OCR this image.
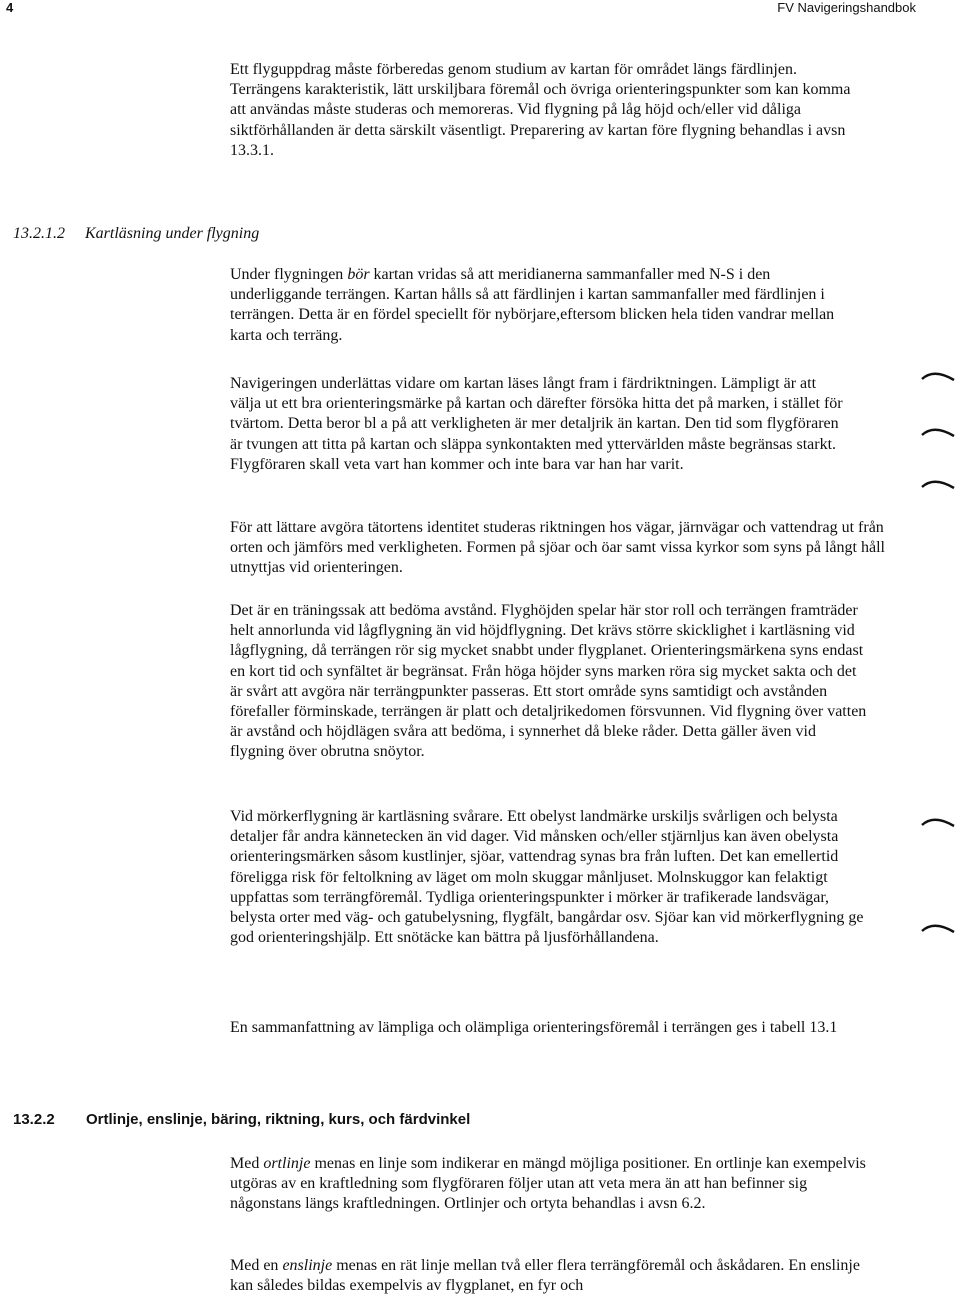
4	FV Navigeringshandbok

Ett flyguppdrag måste förberedas genom studium av kartan för området längs färdlinjen. Terrängens karakteristik, lätt urskiljbara föremål och övriga orienteringspunkter som kan komma att användas måste studeras och memoreras. Vid flygning på låg höjd och/eller vid dåliga siktförhållanden är detta särskilt väsentligt. Preparering av kartan före flygning behandlas i avsn 13.3.1.

13.2.1.2 Kartläsning under flygning

Under flygningen bör kartan vridas så att meridianerna sammanfaller med N-S i den underliggande terrängen. Kartan hålls så att färdlinjen i kartan sammanfaller med färdlinjen i terrängen. Detta är en fördel speciellt för nybörjare,eftersom blicken hela tiden vandrar mellan karta och terräng.

Navigeringen underlättas vidare om kartan läses långt fram i färdriktningen. Lämpligt är att välja ut ett bra orienteringsmärke på kartan och därefter försöka hitta det på marken, i stället för tvärtom. Detta beror bl a på att verkligheten är mer detaljrik än kartan. Den tid som flygföraren är tvungen att titta på kartan och släppa synkontakten med yttervärlden måste begränsas starkt. Flygföraren skall veta vart han kommer och inte bara var han har varit.

För att lättare avgöra tätortens identitet studeras riktningen hos vägar, järnvägar och vattendrag ut från orten och jämförs med verkligheten. Formen på sjöar och öar samt vissa kyrkor som syns på långt håll utnyttjas vid orienteringen.

Det är en träningssak att bedöma avstånd. Flyghöjden spelar här stor roll och terrängen framträder helt annorlunda vid lågflygning än vid höjdflygning. Det krävs större skicklighet i kartläsning vid lågflygning, då terrängen rör sig mycket snabbt under flygplanet. Orienteringsmärkena syns endast en kort tid och synfältet är begränsat. Från höga höjder syns marken röra sig mycket sakta och det är svårt att avgöra när terrängpunkter passeras. Ett stort område syns samtidigt och avstånden förefaller förminskade, terrängen är platt och detaljrikedomen försvunnen. Vid flygning över vatten är avstånd och höjdlägen svåra att bedöma, i synnerhet då bleke råder. Detta gäller även vid flygning över obrutna snöytor.

Vid mörkerflygning är kartläsning svårare. Ett obelyst landmärke urskiljs svårligen och belysta detaljer får andra kännetecken än vid dager. Vid månsken och/eller stjärnljus kan även obelysta orienteringsmärken såsom kustlinjer, sjöar, vattendrag synas bra från luften. Det kan emellertid föreligga risk för feltolkning av läget om moln skuggar månljuset. Molnskuggor kan felaktigt uppfattas som terrängföremål. Tydliga orienteringspunkter i mörker är trafikerade landsvägar, belysta orter med väg- och gatubelysning, flygfält, bangårdar osv. Sjöar kan vid mörkerflygning ge god orienteringshjälp. Ett snötäcke kan bättra på ljusförhållandena.

En sammanfattning av lämpliga och olämpliga orienteringsföremål i terrängen ges i tabell 13.1

13.2.2 Ortlinje, enslinje, bäring, riktning, kurs, och färdvinkel

Med ortlinje menas en linje som indikerar en mängd möjliga positioner. En ortlinje kan exempelvis utgöras av en kraftledning som flygföraren följer utan att veta mera än att han befinner sig någonstans längs kraftledningen. Ortlinjer och ortyta behandlas i avsn 6.2.

Med en enslinje menas en rät linje mellan två eller flera terrängföremål och åskådaren. En enslinje kan således bildas exempelvis av flygplanet, en fyr och
